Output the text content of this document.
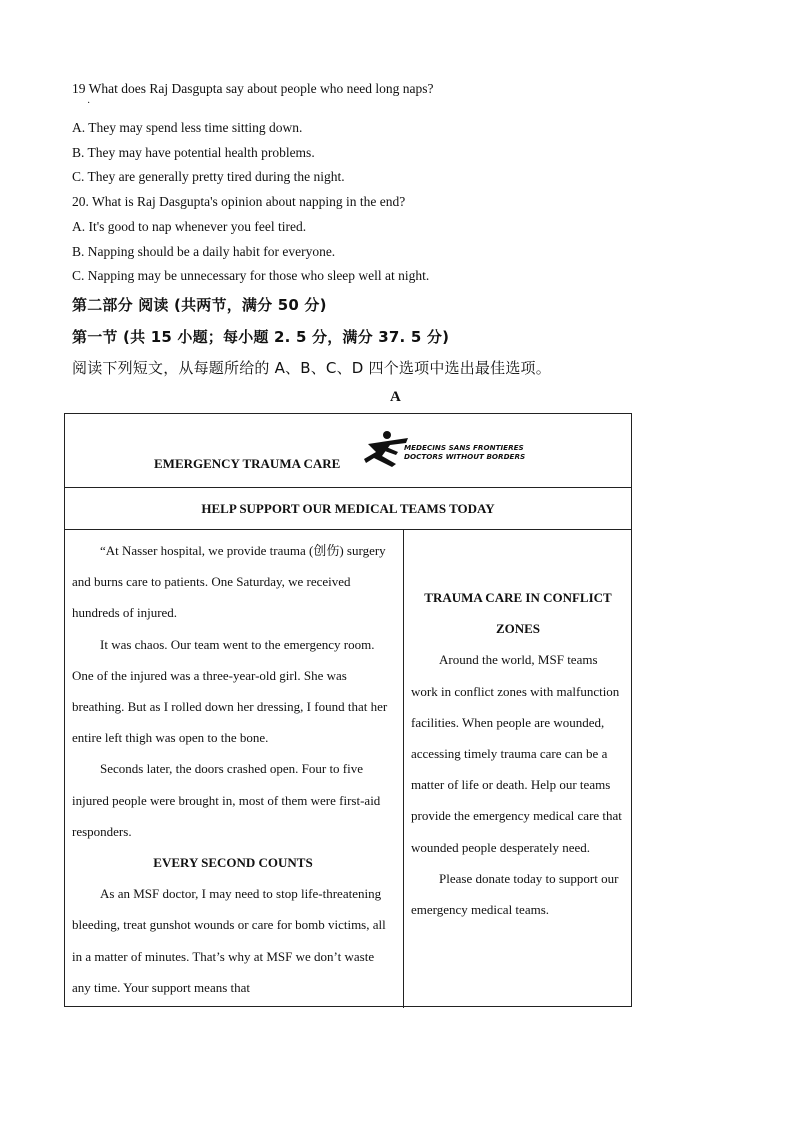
19 What does Raj Dasgupta say about people who need long naps?
·
A. They may spend less time sitting down.
B. They may have potential health problems.
C. They are generally pretty tired during the night.
20. What is Raj Dasgupta's opinion about napping in the end?
A. It's good to nap whenever you feel tired.
B. Napping should be a daily habit for everyone.
C. Napping may be unnecessary for those who sleep well at night.
第二部分 阅读 (共两节，满分 50 分)
第一节 (共 15 小题；每小题 2. 5 分，满分 37. 5 分)
阅读下列短文，从每题所给的 A、B、C、D 四个选项中选出最佳选项。
A
EMERGENCY TRAUMA CARE
MEDECINS SANS FRONTIERES
DOCTORS WITHOUT BORDERS
HELP SUPPORT OUR MEDICAL TEAMS TODAY

“At Nasser hospital, we provide trauma (创伤) surgery and burns care to patients. One Saturday, we received hundreds of injured.

It was chaos. Our team went to the emergency room. One of the injured was a three-year-old girl. She was breathing. But as I rolled down her dressing, I found that her entire left thigh was open to the bone.

Seconds later, the doors crashed open. Four to five injured people were brought in, most of them were first-aid responders.

EVERY SECOND COUNTS

As an MSF doctor, I may need to stop life-threatening bleeding, treat gunshot wounds or care for bomb victims, all in a matter of minutes. That’s why at MSF we don’t waste any time. Your support means that

TRAUMA CARE IN CONFLICT ZONES

Around the world, MSF teams work in conflict zones with malfunction facilities. When people are wounded, accessing timely trauma care can be a matter of life or death. Help our teams provide the emergency medical care that wounded people desperately need.

Please donate today to support our emergency medical teams.
